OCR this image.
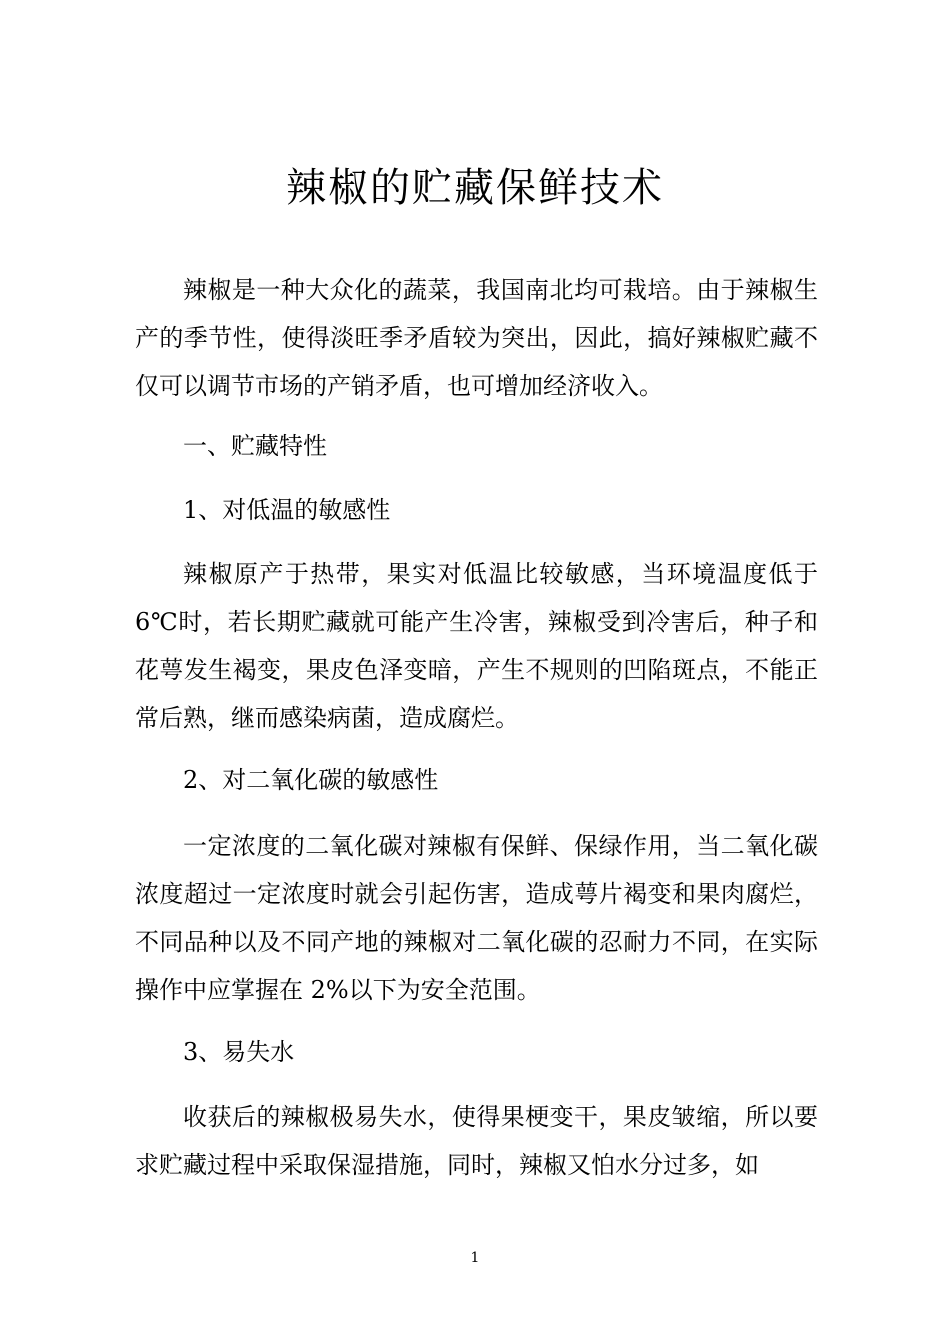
辣椒的贮藏保鲜技术

辣椒是一种大众化的蔬菜，我国南北均可栽培。由于辣椒生产的季节性，使得淡旺季矛盾较为突出，因此，搞好辣椒贮藏不仅可以调节市场的产销矛盾，也可增加经济收入。

一、贮藏特性

1、对低温的敏感性

辣椒原产于热带，果实对低温比较敏感，当环境温度低于6℃时，若长期贮藏就可能产生冷害，辣椒受到冷害后，种子和花萼发生褐变，果皮色泽变暗，产生不规则的凹陷斑点，不能正常后熟，继而感染病菌，造成腐烂。

2、对二氧化碳的敏感性

一定浓度的二氧化碳对辣椒有保鲜、保绿作用，当二氧化碳浓度超过一定浓度时就会引起伤害，造成萼片褐变和果肉腐烂，不同品种以及不同产地的辣椒对二氧化碳的忍耐力不同，在实际操作中应掌握在 2%以下为安全范围。

3、易失水

收获后的辣椒极易失水，使得果梗变干，果皮皱缩，所以要求贮藏过程中采取保湿措施，同时，辣椒又怕水分过多，如

1
